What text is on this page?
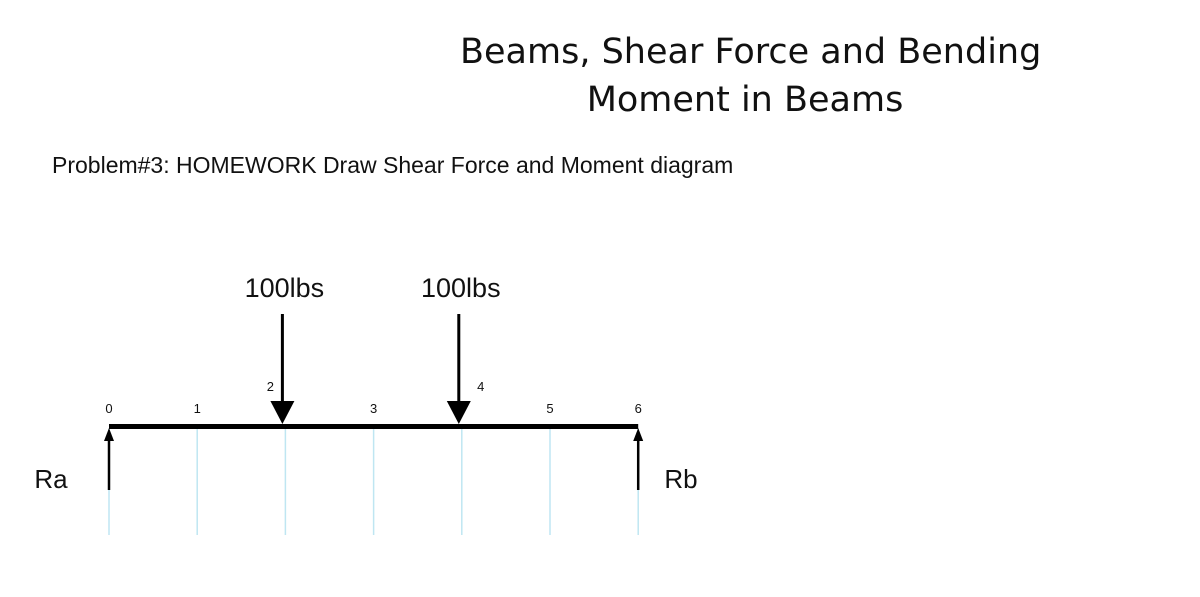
Beams, Shear Force and Bending
Moment in Beams
Problem#3: HOMEWORK Draw Shear Force and Moment diagram
0	1
2
3
4
5	6
100lbs	100lbs
Ra	Rb
